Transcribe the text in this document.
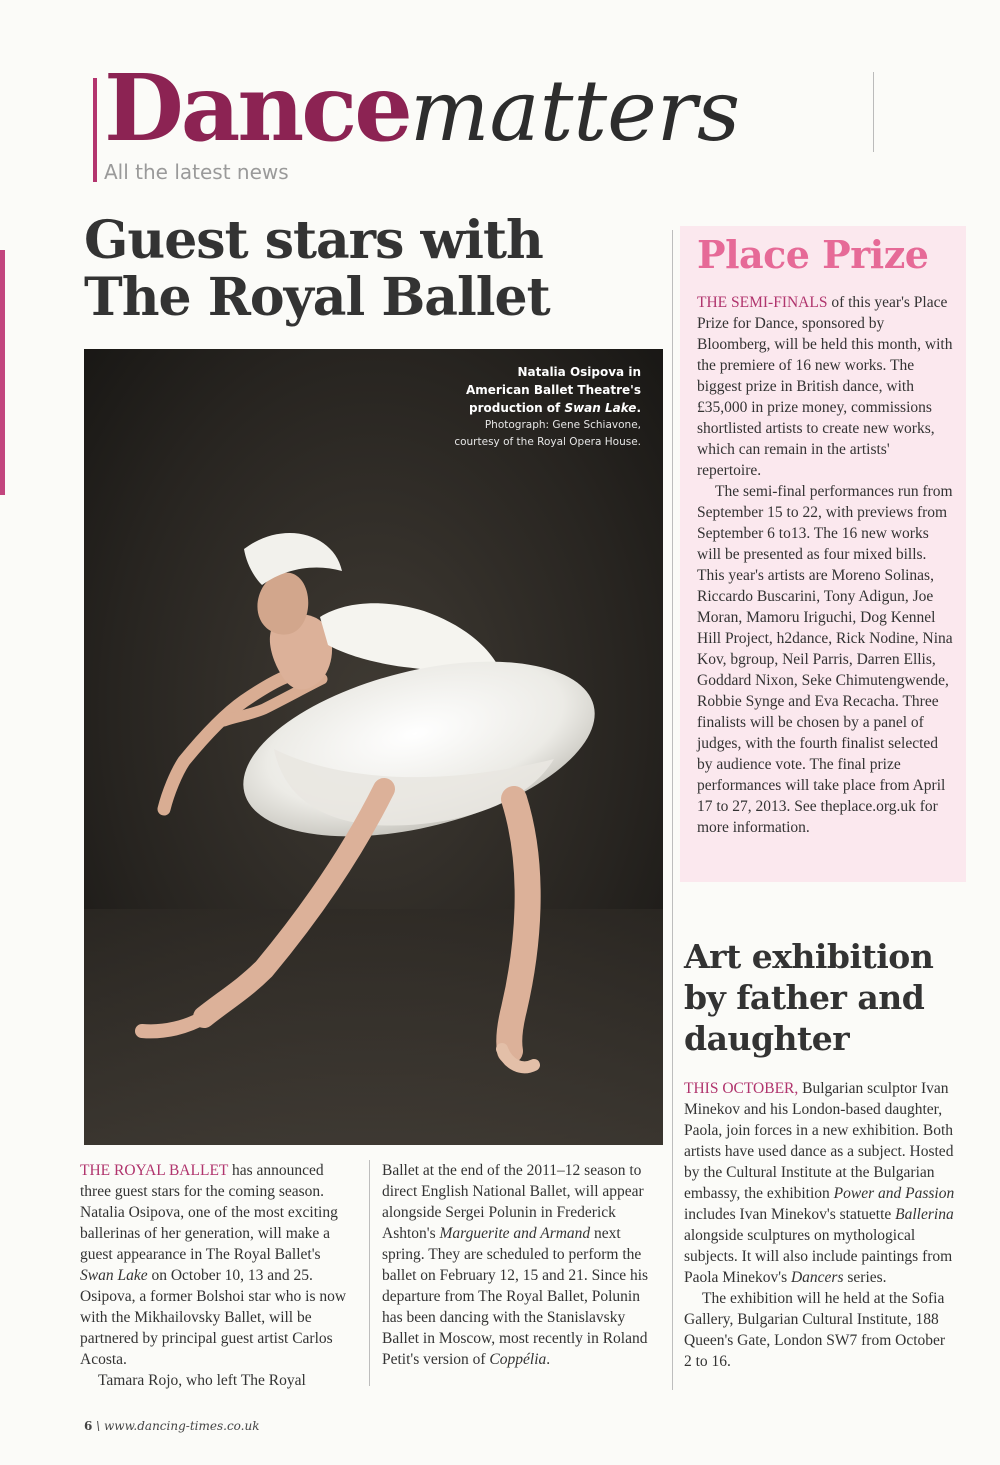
Dancematters
All the latest news
Guest stars with
The Royal Ballet
Natalia Osipova in
American Ballet Theatre's
production of Swan Lake.
Photograph: Gene Schiavone,
courtesy of the Royal Opera House.

THE ROYAL BALLET has announced three guest stars for the coming season. Natalia Osipova, one of the most exciting ballerinas of her generation, will make a guest appearance in The Royal Ballet's Swan Lake on October 10, 13 and 25. Osipova, a former Bolshoi star who is now with the Mikhailovsky Ballet, will be partnered by principal guest artist Carlos Acosta.

Tamara Rojo, who left The Royal

Ballet at the end of the 2011–12 season to direct English National Ballet, will appear alongside Sergei Polunin in Frederick Ashton's Marguerite and Armand next spring. They are scheduled to perform the ballet on February 12, 15 and 21. Since his departure from The Royal Ballet, Polunin has been dancing with the Stanislavsky Ballet in Moscow, most recently in Roland Petit's version of Coppélia.

Place Prize

THE SEMI-FINALS of this year's Place Prize for Dance, sponsored by Bloomberg, will be held this month, with the premiere of 16 new works. The biggest prize in British dance, with £35,000 in prize money, commissions shortlisted artists to create new works, which can remain in the artists' repertoire.

The semi-final performances run from September 15 to 22, with previews from September 6 to13. The 16 new works will be presented as four mixed bills. This year's artists are Moreno Solinas, Riccardo Buscarini, Tony Adigun, Joe Moran, Mamoru Iriguchi, Dog Kennel Hill Project, h2dance, Rick Nodine, Nina Kov, bgroup, Neil Parris, Darren Ellis, Goddard Nixon, Seke Chimutengwende, Robbie Synge and Eva Recacha. Three finalists will be chosen by a panel of judges, with the fourth finalist selected by audience vote. The final prize performances will take place from April 17 to 27, 2013. See theplace.org.uk for more information.

Art exhibition by father and daughter

THIS OCTOBER, Bulgarian sculptor Ivan Minekov and his London-based daughter, Paola, join forces in a new exhibition. Both artists have used dance as a subject. Hosted by the Cultural Institute at the Bulgarian embassy, the exhibition Power and Passion includes Ivan Minekov's statuette Ballerina alongside sculptures on mythological subjects. It will also include paintings from Paola Minekov's Dancers series.

The exhibition will he held at the Sofia Gallery, Bulgarian Cultural Institute, 188 Queen's Gate, London SW7 from October 2 to 16.

6 \ www.dancing-times.co.uk
